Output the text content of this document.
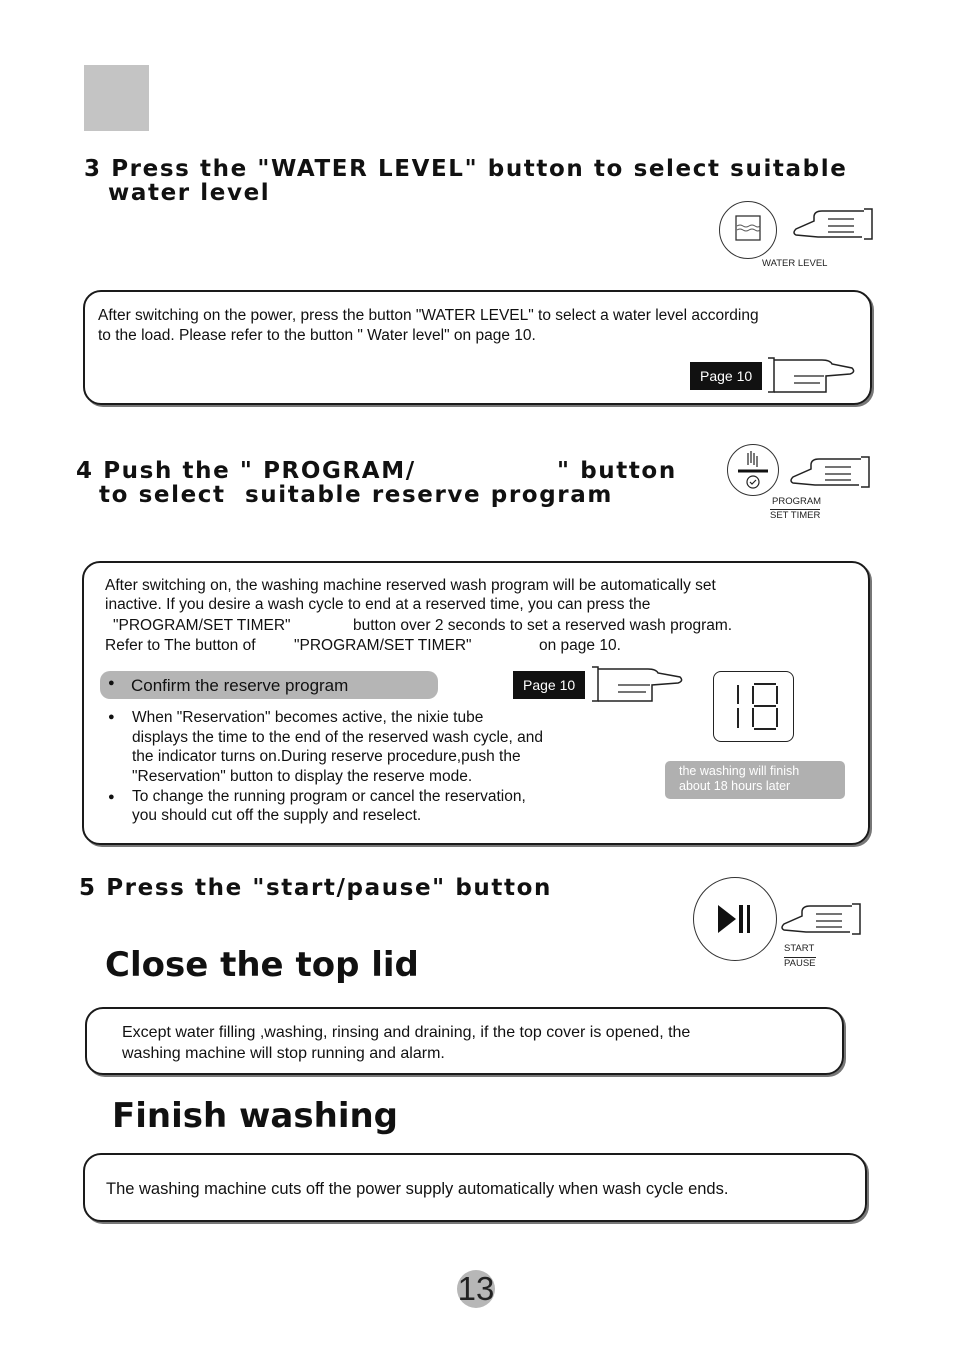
3 Press the "WATER LEVEL" button to select suitable
water level
WATER LEVEL
After switching on the power, press the button "WATER LEVEL" to select a water level according
to the load. Please refer to the button " Water level" on page 10.
Page 10
4 Push the " PROGRAM/	" button
to select suitable reserve program	PROGRAM
SET TIMER
After switching on, the washing machine reserved wash program will be automatically set
inactive. If you desire a wash cycle to end at a reserved time, you can press the
"PROGRAM/SET TIMER"	button over 2 seconds to set a reserved wash program.
Refer to The button of "PROGRAM/SET TIMER"	on page 10.
● Confirm the reserve program	Page 10
the washing will finish
about 18 hours later
● When "Reservation" becomes active, the nixie tube
displays the time to the end of the reserved wash cycle, and
the indicator turns on.During reserve procedure,push the
"Reservation" button to display the reserve mode.
● To change the running program or cancel the reservation,
you should cut off the supply and reselect.
5 Press the "start/pause" button
START
PAUSE
Close the top lid
Except water filling ,washing, rinsing and draining, if the top cover is opened, the
washing machine will stop running and alarm.
Finish washing
The washing machine cuts off the power supply automatically when wash cycle ends.
13
